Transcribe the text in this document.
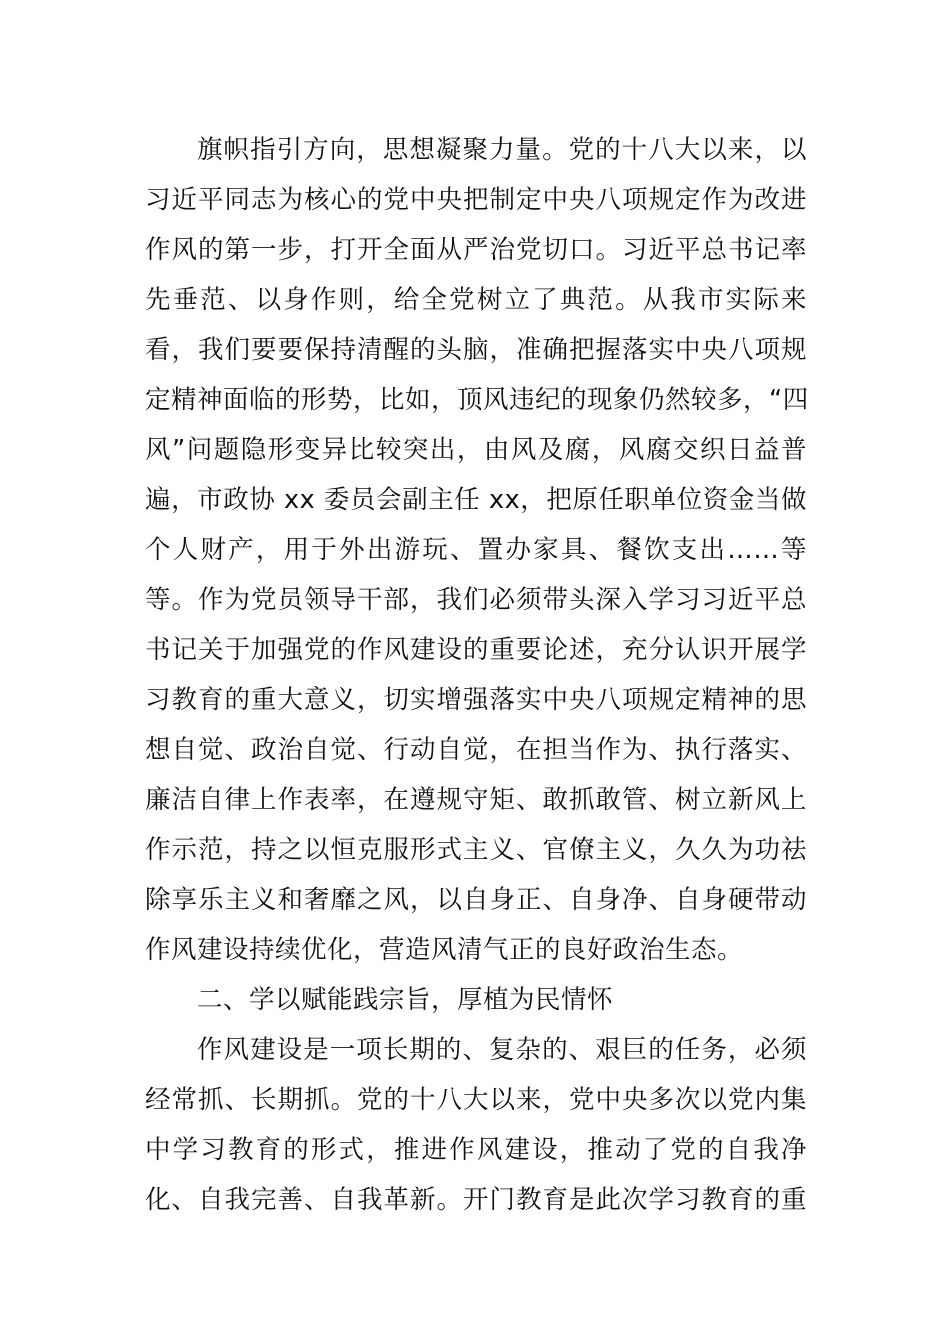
旗帜指引方向，思想凝聚力量。党的十八大以来，以
习近平同志为核心的党中央把制定中央八项规定作为改进
作风的第一步，打开全面从严治党切口。习近平总书记率
先垂范、以身作则，给全党树立了典范。从我市实际来
看，我们要要保持清醒的头脑，准确把握落实中央八项规
定精神面临的形势，比如，顶风违纪的现象仍然较多，“四
风”问题隐形变异比较突出，由风及腐，风腐交织日益普
遍，市政协 xx 委员会副主任 xx，把原任职单位资金当做
个人财产，用于外出游玩、置办家具、餐饮支出……等
等。作为党员领导干部，我们必须带头深入学习习近平总
书记关于加强党的作风建设的重要论述，充分认识开展学
习教育的重大意义，切实增强落实中央八项规定精神的思
想自觉、政治自觉、行动自觉，在担当作为、执行落实、
廉洁自律上作表率，在遵规守矩、敢抓敢管、树立新风上
作示范，持之以恒克服形式主义、官僚主义，久久为功祛
除享乐主义和奢靡之风，以自身正、自身净、自身硬带动
作风建设持续优化，营造风清气正的良好政治生态。
二、学以赋能践宗旨，厚植为民情怀
作风建设是一项长期的、复杂的、艰巨的任务，必须
经常抓、长期抓。党的十八大以来，党中央多次以党内集
中学习教育的形式，推进作风建设，推动了党的自我净
化、自我完善、自我革新。开门教育是此次学习教育的重
